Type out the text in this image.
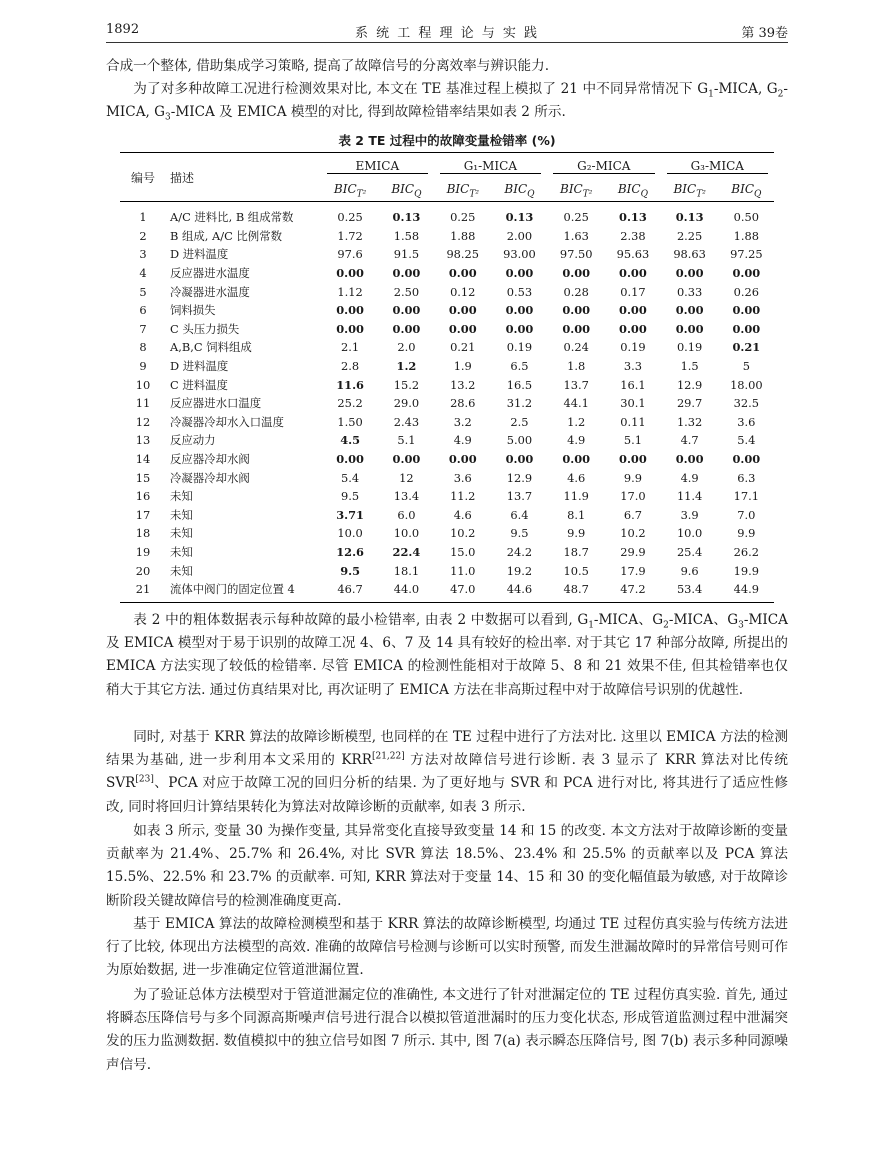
1892	系 统 工 程 理 论 与 实 践	第 39卷
合成一个整体, 借助集成学习策略, 提高了故障信号的分离效率与辨识能力.
为了对多种故障工况进行检测效果对比, 本文在 TE 基准过程上模拟了 21 中不同异常情况下 $G_1$-MICA, $G_2$-MICA, $G_3$-MICA 及 EMICA 模型的对比, 得到故障检错率结果如表 2 所示.
表 2 TE 过程中的故障变量检错率 (%)
编号	描述	EMICA		G₁-MICA		G₂-MICA		G₃-MICA	

		$BIC_{T^2}$	$BIC_Q$	$BIC_{T^2}$	$BIC_Q$	$BIC_{T^2}$	$BIC_Q$	$BIC_{T^2}$	$BIC_Q$
1	A/C 进料比, B 组成常数	0.25	0.13	0.25	0.13	0.25	0.13	0.13	0.50
2	B 组成, A/C 比例常数	1.72	1.58	1.88	2.00	1.63	2.38	2.25	1.88
3	D 进料温度	97.6	91.5	98.25	93.00	97.50	95.63	98.63	97.25
4	反应器进水温度	0.00	0.00	0.00	0.00	0.00	0.00	0.00	0.00
5	冷凝器进水温度	1.12	2.50	0.12	0.53	0.28	0.17	0.33	0.26
6	饲料损失	0.00	0.00	0.00	0.00	0.00	0.00	0.00	0.00
7	C 头压力损失	0.00	0.00	0.00	0.00	0.00	0.00	0.00	0.00
8	A,B,C 饲料组成	2.1	2.0	0.21	0.19	0.24	0.19	0.19	0.21
9	D 进料温度	2.8	1.2	1.9	6.5	1.8	3.3	1.5	5
10	C 进料温度	11.6	15.2	13.2	16.5	13.7	16.1	12.9	18.00
11	反应器进水口温度	25.2	29.0	28.6	31.2	44.1	30.1	29.7	32.5
12	冷凝器冷却水入口温度	1.50	2.43	3.2	2.5	1.2	0.11	1.32	3.6
13	反应动力	4.5	5.1	4.9	5.00	4.9	5.1	4.7	5.4
14	反应器冷却水阀	0.00	0.00	0.00	0.00	0.00	0.00	0.00	0.00
15	冷凝器冷却水阀	5.4	12	3.6	12.9	4.6	9.9	4.9	6.3
16	未知	9.5	13.4	11.2	13.7	11.9	17.0	11.4	17.1
17	未知	3.71	6.0	4.6	6.4	8.1	6.7	3.9	7.0
18	未知	10.0	10.0	10.2	9.5	9.9	10.2	10.0	9.9
19	未知	12.6	22.4	15.0	24.2	18.7	29.9	25.4	26.2
20	未知	9.5	18.1	11.0	19.2	10.5	17.9	9.6	19.9
21	流体中阀门的固定位置 4	46.7	44.0	47.0	44.6	48.7	47.2	53.4	44.9
表 2 中的粗体数据表示每种故障的最小检错率, 由表 2 中数据可以看到, $G_1$-MICA、$G_2$-MICA、$G_3$-MICA 及 EMICA 模型对于易于识别的故障工况 4、6、7 及 14 具有较好的检出率. 对于其它 17 种部分故障, 所提出的 EMICA 方法实现了较低的检错率. 尽管 EMICA 的检测性能相对于故障 5、8 和 21 效果不佳, 但其检错率也仅稍大于其它方法. 通过仿真结果对比, 再次证明了 EMICA 方法在非高斯过程中对于故障信号识别的优越性.
同时, 对基于 KRR 算法的故障诊断模型, 也同样的在 TE 过程中进行了方法对比. 这里以 EMICA 方法的检测结果为基础, 进一步利用本文采用的 KRR[21,22] 方法对故障信号进行诊断. 表 3 显示了 KRR 算法对比传统 SVR[23]、PCA 对应于故障工况的回归分析的结果. 为了更好地与 SVR 和 PCA 进行对比, 将其进行了适应性修改, 同时将回归计算结果转化为算法对故障诊断的贡献率, 如表 3 所示.
如表 3 所示, 变量 30 为操作变量, 其异常变化直接导致变量 14 和 15 的改变. 本文方法对于故障诊断的变量贡献率为 21.4%、25.7% 和 26.4%, 对比 SVR 算法 18.5%、23.4% 和 25.5% 的贡献率以及 PCA 算法 15.5%、22.5% 和 23.7% 的贡献率. 可知, KRR 算法对于变量 14、15 和 30 的变化幅值最为敏感, 对于故障诊断阶段关键故障信号的检测准确度更高.
基于 EMICA 算法的故障检测模型和基于 KRR 算法的故障诊断模型, 均通过 TE 过程仿真实验与传统方法进行了比较, 体现出方法模型的高效. 准确的故障信号检测与诊断可以实时预警, 而发生泄漏故障时的异常信号则可作为原始数据, 进一步准确定位管道泄漏位置.
为了验证总体方法模型对于管道泄漏定位的准确性, 本文进行了针对泄漏定位的 TE 过程仿真实验. 首先, 通过将瞬态压降信号与多个同源高斯噪声信号进行混合以模拟管道泄漏时的压力变化状态, 形成管道监测过程中泄漏突发的压力监测数据. 数值模拟中的独立信号如图 7 所示. 其中, 图 7(a) 表示瞬态压降信号, 图 7(b) 表示多种同源噪声信号.
